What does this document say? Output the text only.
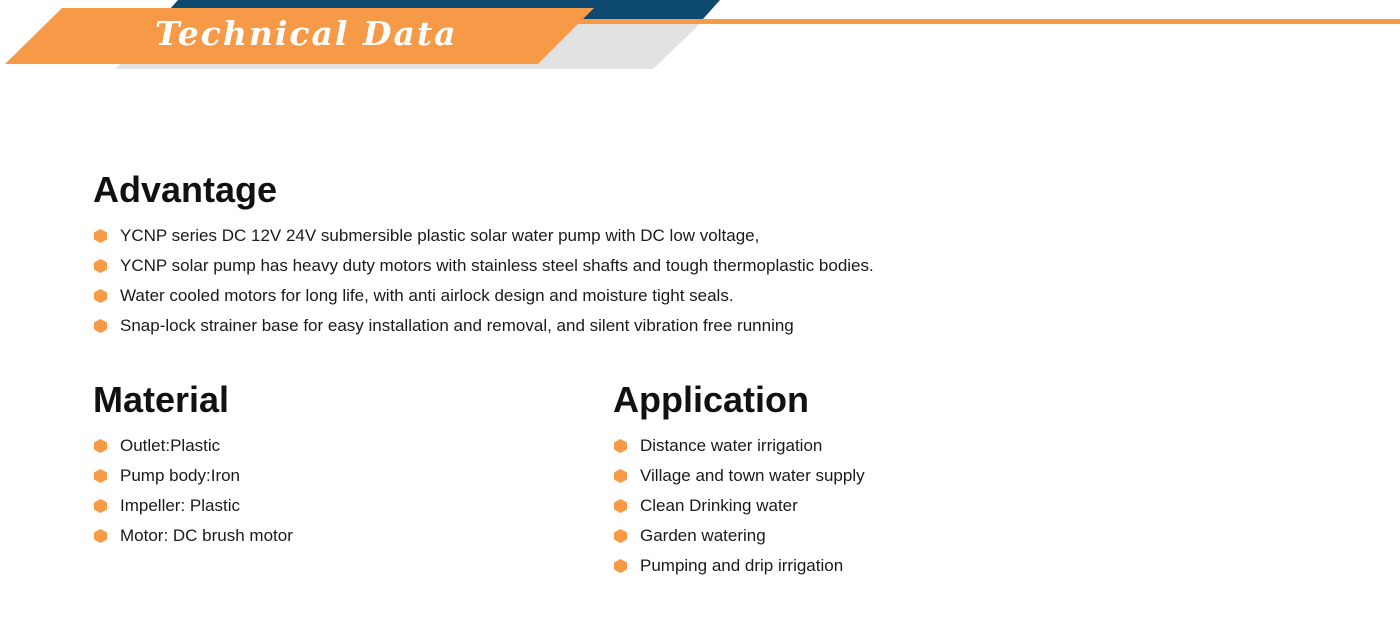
Technical Data
Advantage
YCNP series DC 12V 24V submersible plastic solar water pump with DC low voltage,
YCNP solar pump has heavy duty motors with stainless steel shafts and tough thermoplastic bodies.
Water cooled motors for long life, with anti airlock design and moisture tight seals.
Snap-lock strainer base for easy installation and removal, and silent vibration free running
Material
Outlet:Plastic
Pump body:Iron
Impeller: Plastic
Motor: DC brush motor
Application
Distance water irrigation
Village and town water supply
Clean Drinking water
Garden watering
Pumping and drip irrigation
